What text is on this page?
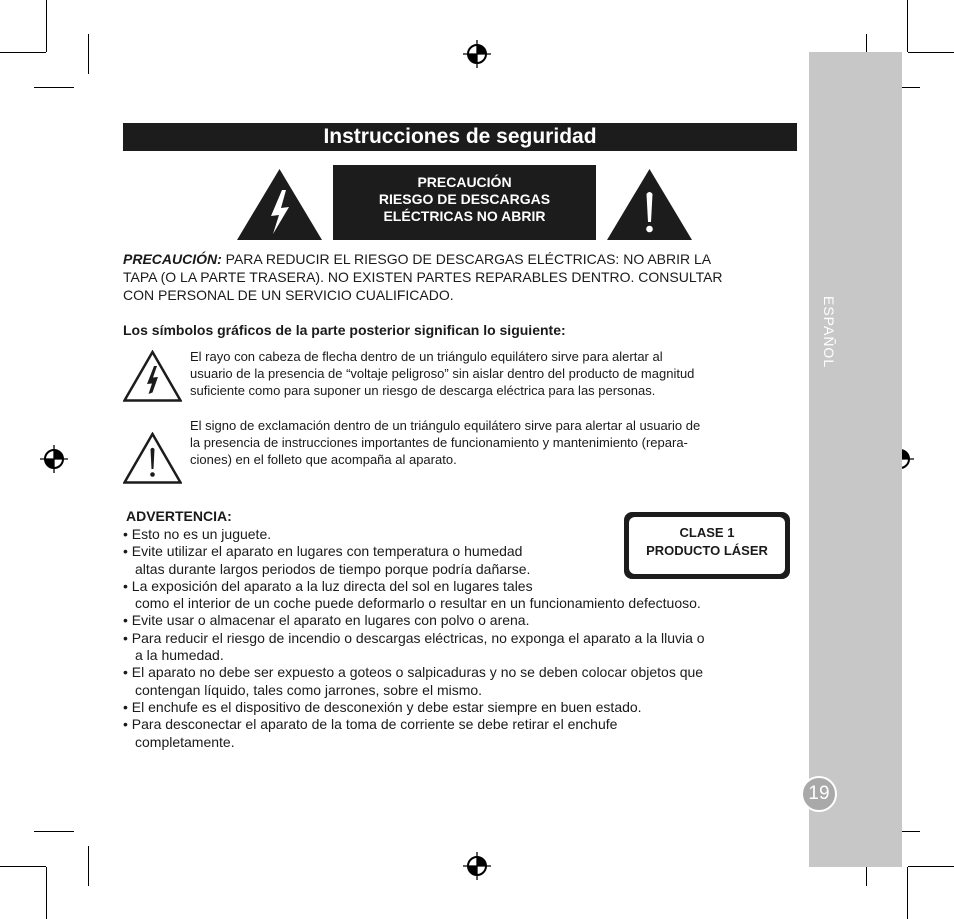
ESPAÑOL
19
Instrucciones de seguridad
PRECAUCIÓN
RIESGO DE DESCARGAS
ELÉCTRICAS NO ABRIR
PRECAUCIÓN: PARA REDUCIR EL RIESGO DE DESCARGAS ELÉCTRICAS: NO ABRIR LA
TAPA (O LA PARTE TRASERA). NO EXISTEN PARTES REPARABLES DENTRO. CONSULTAR
CON PERSONAL DE UN SERVICIO CUALIFICADO.
Los símbolos gráficos de la parte posterior significan lo siguiente:
El rayo con cabeza de flecha dentro de un triángulo equilátero sirve para alertar al
usuario de la presencia de “voltaje peligroso” sin aislar dentro del producto de magnitud
suficiente como para suponer un riesgo de descarga eléctrica para las personas.
El signo de exclamación dentro de un triángulo equilátero sirve para alertar al usuario de
la presencia de instrucciones importantes de funcionamiento y mantenimiento (repara-
ciones) en el folleto que acompaña al aparato.
CLASE 1
PRODUCTO LÁSER
ADVERTENCIA:
• Esto no es un juguete.
• Evite utilizar el aparato en lugares con temperatura o humedad
altas durante largos periodos de tiempo porque podría dañarse.
• La exposición del aparato a la luz directa del sol en lugares tales
como el interior de un coche puede deformarlo o resultar en un funcionamiento defectuoso.
• Evite usar o almacenar el aparato en lugares con polvo o arena.
• Para reducir el riesgo de incendio o descargas eléctricas, no exponga el aparato a la lluvia o
a la humedad.
• El aparato no debe ser expuesto a goteos o salpicaduras y no se deben colocar objetos que
contengan líquido, tales como jarrones, sobre el mismo.
• El enchufe es el dispositivo de desconexión y debe estar siempre en buen estado.
• Para desconectar el aparato de la toma de corriente se debe retirar el enchufe
completamente.
